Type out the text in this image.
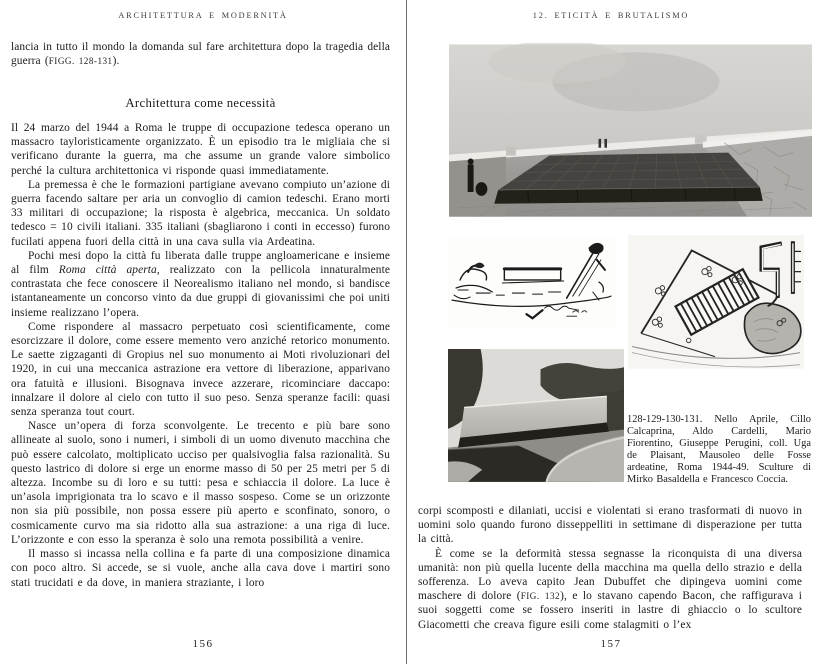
ARCHITETTURA E MODERNITÀ
lancia in tutto il mondo la domanda sul fare architettura dopo la tragedia della guerra (FIGG. 128-131).
Architettura come necessità

Il 24 marzo del 1944 a Roma le truppe di occupazione tedesca operano un massacro tayloristicamente organizzato. È un episodio tra le migliaia che si verificano durante la guerra, ma che assume un grande valore simbolico perché la cultura architettonica vi risponde quasi immediatamente.

La premessa è che le formazioni partigiane avevano compiuto un’azione di guerra facendo saltare per aria un convoglio di camion tedeschi. Erano morti 33 militari di occupazione; la risposta è algebrica, meccanica. Un soldato tedesco = 10 civili italiani. 335 italiani (sbagliarono i conti in eccesso) furono fucilati appena fuori della città in una cava sulla via Ardeatina.

Pochi mesi dopo la città fu liberata dalle truppe angloamericane e insieme al film Roma città aperta, realizzato con la pellicola innaturalmente contrastata che fece conoscere il Neorealismo italiano nel mondo, si bandisce istantaneamente un concorso vinto da due gruppi di giovanissimi che poi uniti insieme realizzano l’opera.

Come rispondere al massacro perpetuato così scientificamente, come esorcizzare il dolore, come essere memento vero anziché retorico monumento. Le saette zigzaganti di Gropius nel suo monumento ai Moti rivoluzionari del 1920, in cui una meccanica astrazione era vettore di liberazione, apparivano ora fatuità e illusioni. Bisognava invece azzerare, ricominciare daccapo: innalzare il dolore al cielo con tutto il suo peso. Senza speranze facili: quasi senza speranza tout court.

Nasce un’opera di forza sconvolgente. Le trecento e più bare sono allineate al suolo, sono i numeri, i simboli di un uomo divenuto macchina che può essere calcolato, moltiplicato ucciso per qualsivoglia falsa razionalità. Su questo lastrico di dolore si erge un enorme masso di 50 per 25 metri per 5 di altezza. Incombe su di loro e su tutti: pesa e schiaccia il dolore. La luce è un’asola imprigionata tra lo scavo e il masso sospeso. Come se un orizzonte non sia più possibile, non possa essere più aperto e sconfinato, sonoro, o cosmicamente curvo ma sia ridotto alla sua astrazione: a una riga di luce. L’orizzonte e con esso la speranza è solo una remota possibilità a venire.

Il masso si incassa nella collina e fa parte di una composizione dinamica con poco altro. Si accede, se si vuole, anche alla cava dove i martiri sono stati trucidati e da dove, in maniera straziante, i loro

156
12. ETICITÀ E BRUTALISMO
128-129-130-131. Nello Aprile, Cillo Calcaprina, Aldo Cardelli, Mario Fiorentino, Giuseppe Perugini, coll. Uga de Plaisant, Mausoleo delle Fosse ardeatine, Roma 1944-49. Sculture di Mirko Basaldella e Francesco Coccia.

corpi scomposti e dilaniati, uccisi e violentati si erano trasformati di nuovo in uomini solo quando furono disseppelliti in settimane di disperazione per tutta la città.

È come se la deformità stessa segnasse la riconquista di una diversa umanità: non più quella lucente della macchina ma quella dello strazio e della sofferenza. Lo aveva capito Jean Dubuffet che dipingeva uomini come maschere di dolore (FIG. 132), e lo stavano capendo Bacon, che raffigurava i suoi soggetti come se fossero inseriti in lastre di ghiaccio o lo scultore Giacometti che creava figure esili come stalagmiti o l’ex

157
